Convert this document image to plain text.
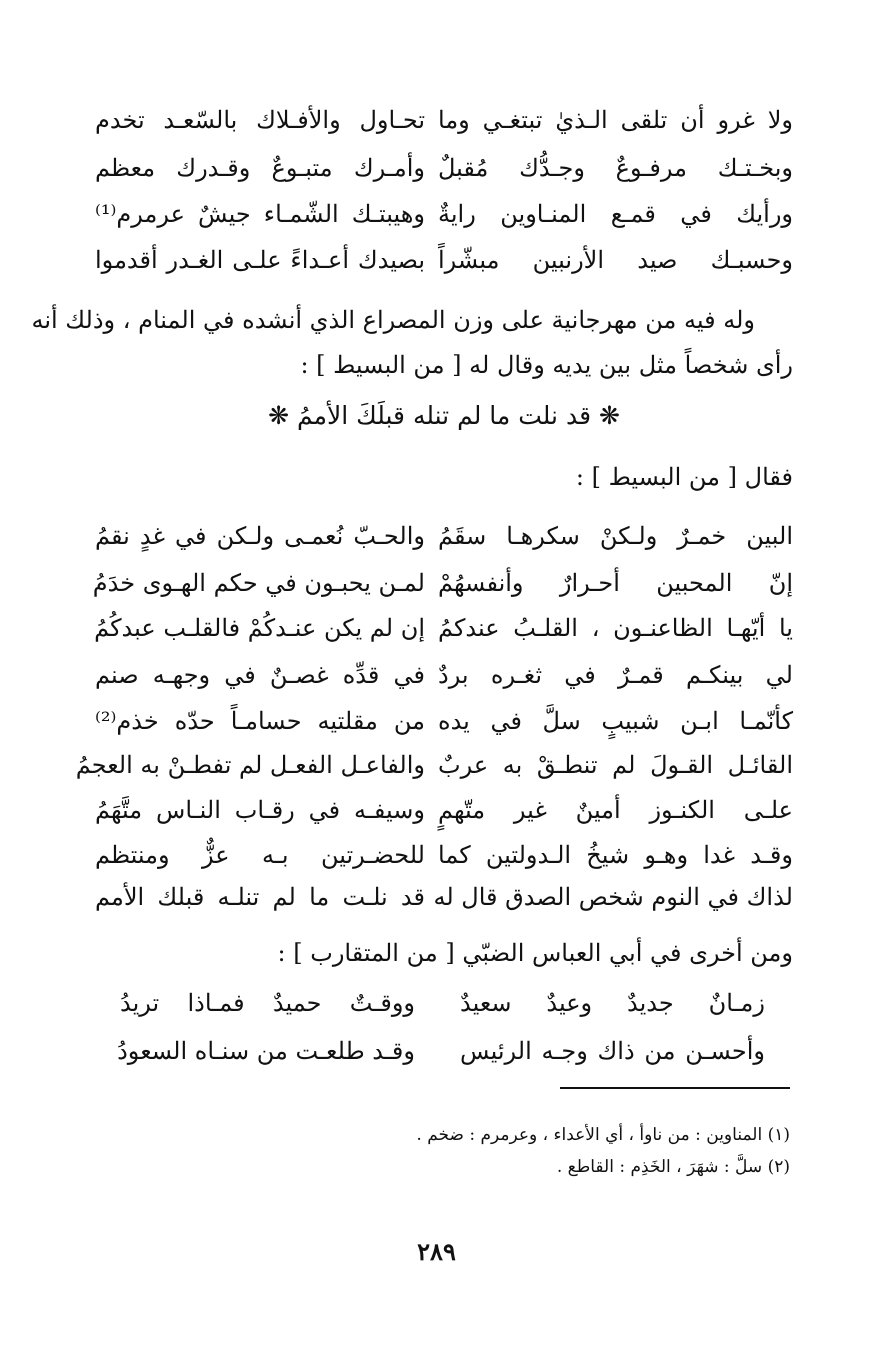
ولا غرو أن تلقى الـذيٰ تبتغـي وما
تحـاول والأفـلاك بالسّعـد تخدم
وبخـتـك مرفـوعٌ وجـدُّك مُقبلٌ
وأمـرك متبـوعٌ وقـدرك معظم
ورأيك في قمـع المنـاوين رايةٌ
وهيبتـك الشّمـاء جيشٌ عرمرم⁽¹⁾
وحسبـك صيد الأرنبين مبشّراً
بصيدك أعـداءً علـى الغـدر أقدموا
وله فيه من مهرجانية على وزن المصراع الذي أنشده في المنام ، وذلك أنه
رأى شخصاً مثل بين يديه وقال له [ من البسيط ] :
❋ قد نلت ما لم تنله قبلَكَ الأممُ ❋
فقال [ من البسيط ] :
البين خمـرٌ ولـكنْ سكرهـا سقَمُ
والحـبّ نُعمـى ولـكن في غدٍ نقمُ
إنّ المحبين أحـرارٌ وأنفسهُمْ
لمـن يحبـون في حكم الهـوى خدَمُ
يا أيّهـا الظاعنـون ، القلـبُ عندكمُ
إن لم يكن عنـدكُمْ فالقلـب عبدكُمُ
لي بينكـم قمـرٌ في ثغـره بردٌ
في قدِّه غصـنٌ في وجهـه صنم
كأنّمـا ابـن شبيبٍ سلَّ في يده
من مقلتيه حسامـاً حدّه خذم⁽²⁾
القائـل القـولَ لم تنطـقْ به عربٌ
والفاعـل الفعـل لم تفطـنْ به العجمُ
علـى الكنـوز أمينٌ غير متّهمٍ
وسيفـه في رقـاب النـاس متَّهَمُ
وقـد غدا وهـو شيخُ الـدولتين كما
للحضـرتين بـه عزٌّ ومنتظم
لذاك في النوم شخص الصدق قال له
قد نلـت ما لم تنلـه قبلك الأمم
ومن أخرى في أبي العباس الضبّي [ من المتقارب ] :
زمـانٌ جديدٌ وعيدٌ سعيدٌ
ووقـتٌ حميدٌ فمـاذا تريدُ
وأحسـن من ذاك وجـه الرئيس
وقـد طلعـت من سنـاه السعودُ
(١) المناوين : من ناوأ ، أي الأعداء ، وعرمرم : ضخم .
(٢) سلَّ : شهَرَ ، الخَذِم : القاطع .
٢٨٩
